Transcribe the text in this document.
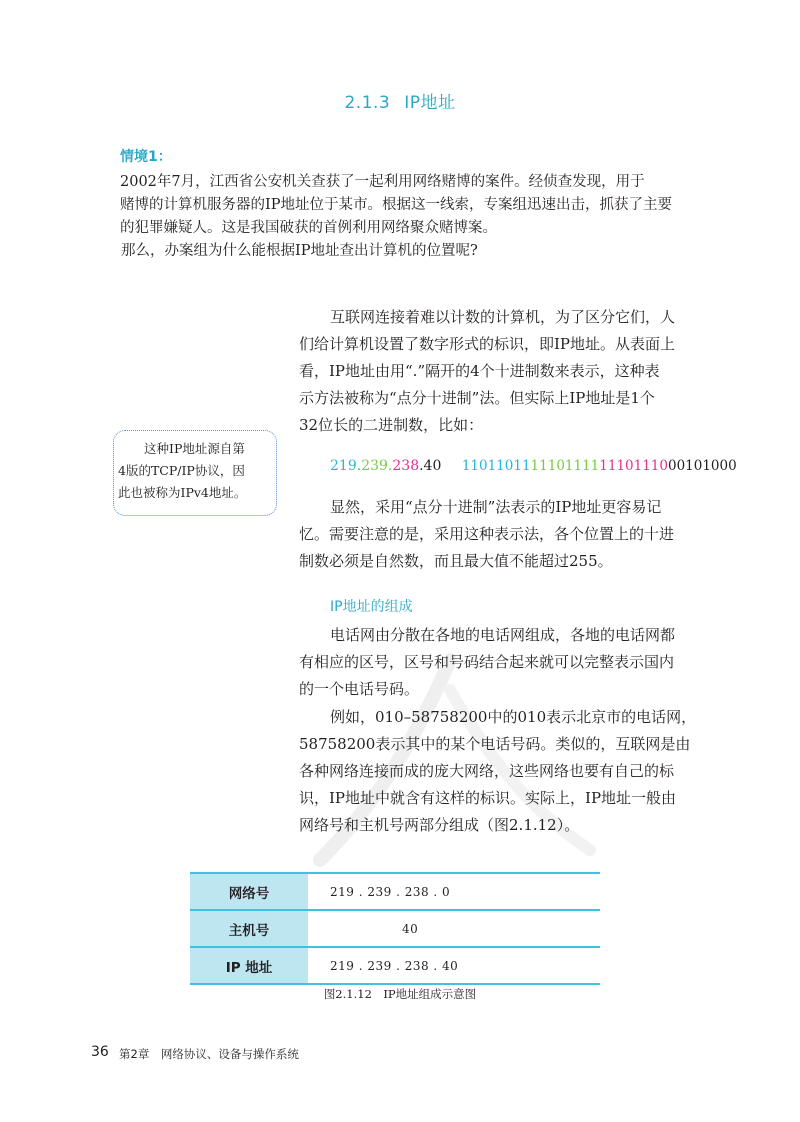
2.1.3 IP地址
情境1：
2002年7月，江西省公安机关查获了一起利用网络赌博的案件。经侦查发现，用于
赌博的计算机服务器的IP地址位于某市。根据这一线索，专案组迅速出击，抓获了主要
的犯罪嫌疑人。这是我国破获的首例利用网络聚众赌博案。
那么，办案组为什么能根据IP地址查出计算机的位置呢?
互联网连接着难以计数的计算机，为了区分它们，人
们给计算机设置了数字形式的标识，即IP地址。从表面上
看，IP地址由用“.”隔开的4个十进制数来表示，这种表
示方法被称为“点分十进制”法。但实际上IP地址是1个
32位长的二进制数，比如：
这种IP地址源自第
4版的TCP/IP协议，因
此也被称为IPv4地址。
219.239.238.40 11011011111011111110111000101000
显然，采用“点分十进制”法表示的IP地址更容易记
忆。需要注意的是，采用这种表示法，各个位置上的十进
制数必须是自然数，而且最大值不能超过255。
IP地址的组成
电话网由分散在各地的电话网组成，各地的电话网都
有相应的区号，区号和号码结合起来就可以完整表示国内
的一个电话号码。
例如，010–58758200中的010表示北京市的电话网，
58758200表示其中的某个电话号码。类似的，互联网是由
各种网络连接而成的庞大网络，这些网络也要有自己的标
识，IP地址中就含有这样的标识。实际上，IP地址一般由
网络号和主机号两部分组成（图2.1.12）。
网络号	219 . 239 . 238 . 0
主机号	40
IP 地址	219 . 239 . 238 . 40
图2.1.12　IP地址组成示意图
36 第2章　网络协议、设备与操作系统
